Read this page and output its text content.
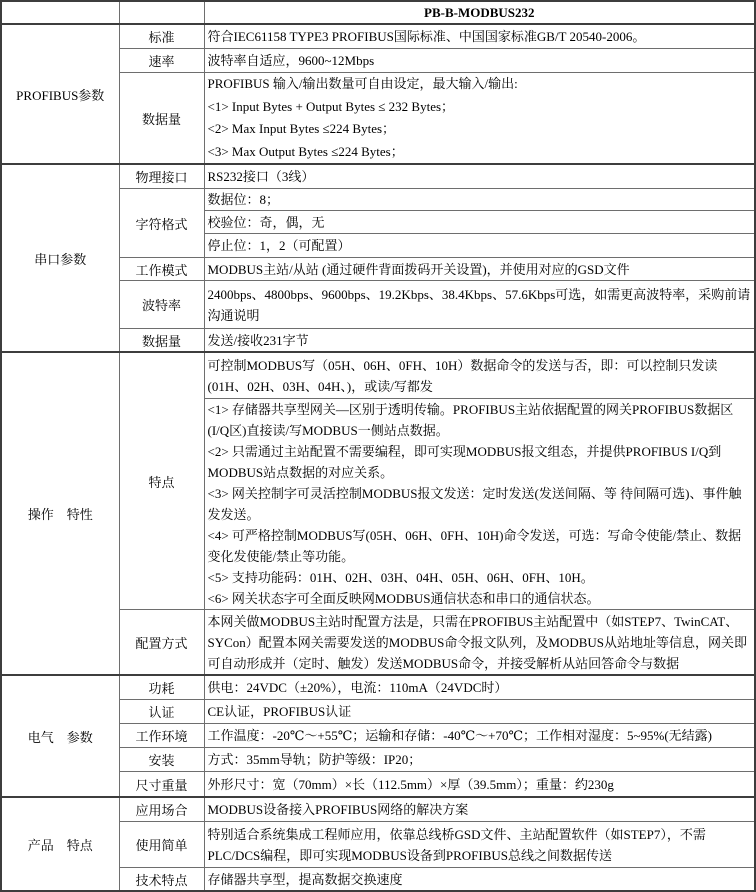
		PB-B-MODBUS232
PROFIBUS参数	标准	符合IEC61158 TYPE3 PROFIBUS国际标准、中国国家标准GB/T 20540-2006。
	速率	波特率自适应，9600~12Mbps
	数据量	PROFIBUS 输入/输出数量可自由设定，最大输入/输出:
<1> Input Bytes + Output Bytes ≤ 232 Bytes；
<2> Max Input Bytes ≤224 Bytes；
<3> Max Output Bytes ≤224 Bytes；

串口参数	物理接口	RS232接口（3线）
	字符格式	数据位：8；
		校验位：奇，偶，无
		停止位：1，2（可配置）
	工作模式	MODBUS主站/从站 (通过硬件背面拨码开关设置)，并使用对应的GSD文件
	波特率	2400bps、4800bps、9600bps、19.2Kbps、38.4Kbps、57.6Kbps可选，如需更高波特率，采购前请沟通说明
	数据量	发送/接收231字节
操作　特性	特点	可控制MODBUS写（05H、06H、0FH、10H）数据命令的发送与否，即：可以控制只发读(01H、02H、03H、04H、)，或读/写都发

<1> 存储器共享型网关—区别于透明传输。PROFIBUS主站依据配置的网关PROFIBUS数据区(I/Q区)直接读/写MODBUS一侧站点数据。
<2> 只需通过主站配置不需要编程，即可实现MODBUS报文组态，并提供PROFIBUS I/Q到MODBUS站点数据的对应关系。
<3> 网关控制字可灵活控制MODBUS报文发送：定时发送(发送间隔、等 待间隔可选)、事件触发发送。
<4> 可严格控制MODBUS写(05H、06H、0FH、10H)命令发送，可选：写命令使能/禁止、数据变化发使能/禁止等功能。
<5> 支持功能码：01H、02H、03H、04H、05H、06H、0FH、10H。
<6> 网关状态字可全面反映网MODBUS通信状态和串口的通信状态。

	配置方式	本网关做MODBUS主站时配置方法是，只需在PROFIBUS主站配置中（如STEP7、TwinCAT、SYCon）配置本网关需要发送的MODBUS命令报文队列，及MODBUS从站地址等信息，网关即可自动形成并（定时、触发）发送MODBUS命令，并接受解析从站回答命令与数据
电气　参数	功耗	供电：24VDC（±20%），电流：110mA（24VDC时）
	认证	CE认证，PROFIBUS认证
	工作环境	工作温度：-20℃～+55℃；运输和存储：-40℃～+70℃；工作相对湿度：5~95%(无结露)
	安装	方式：35mm导轨；防护等级：IP20；
	尺寸重量	外形尺寸：宽（70mm）×长（112.5mm）×厚（39.5mm）；重量：约230g
产品　特点	应用场合	MODBUS设备接入PROFIBUS网络的解决方案
	使用简单	特别适合系统集成工程师应用，依靠总线桥GSD文件、主站配置软件（如STEP7），不需PLC/DCS编程，即可实现MODBUS设备到PROFIBUS总线之间数据传送
	技术特点	存储器共享型，提高数据交换速度
